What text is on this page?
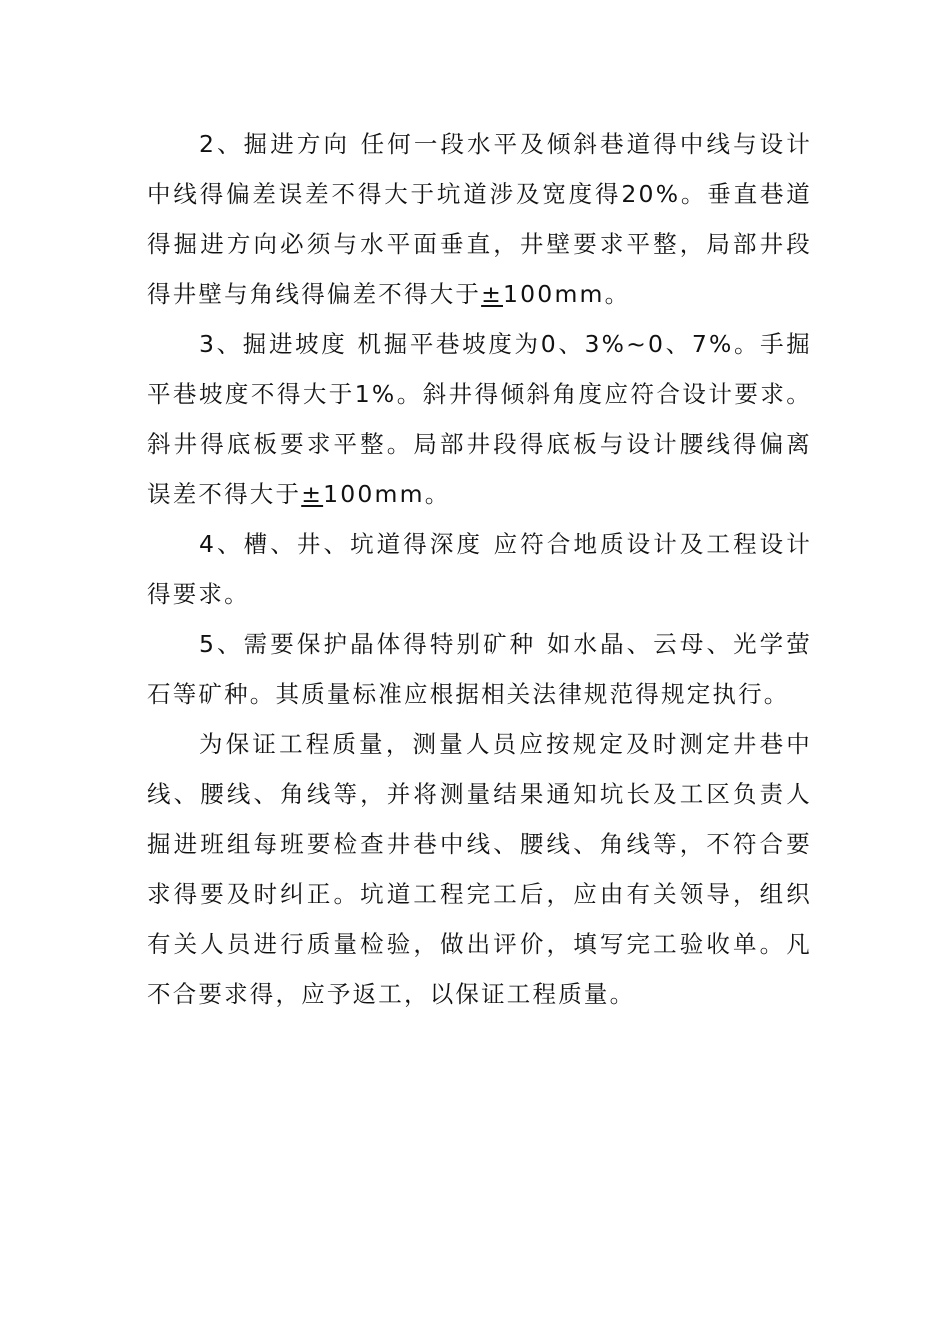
2、掘进方向 任何一段水平及倾斜巷道得中线与设计中线得偏差误差不得大于坑道涉及宽度得20%。垂直巷道得掘进方向必须与水平面垂直，井壁要求平整，局部井段得井壁与角线得偏差不得大于±100mm。

3、掘进坡度 机掘平巷坡度为0、3%~0、7%。手掘平巷坡度不得大于1%。斜井得倾斜角度应符合设计要求。斜井得底板要求平整。局部井段得底板与设计腰线得偏离误差不得大于±100mm。

4、槽、井、坑道得深度 应符合地质设计及工程设计得要求。

5、需要保护晶体得特别矿种 如水晶、云母、光学萤石等矿种。其质量标准应根据相关法律规范得规定执行。

为保证工程质量，测量人员应按规定及时测定井巷中线、腰线、角线等，并将测量结果通知坑长及工区负责人掘进班组每班要检查井巷中线、腰线、角线等，不符合要求得要及时纠正。坑道工程完工后，应由有关领导，组织有关人员进行质量检验，做出评价，填写完工验收单。凡不合要求得，应予返工，以保证工程质量。
